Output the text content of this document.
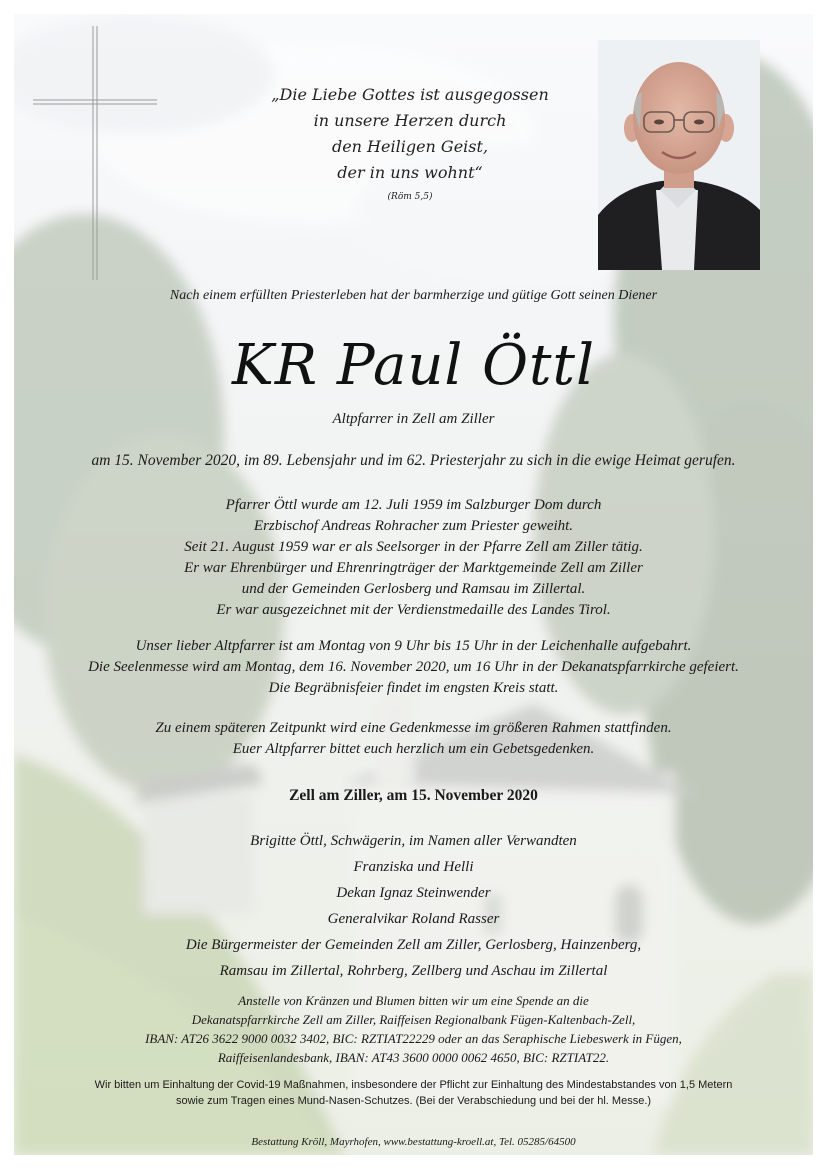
„Die Liebe Gottes ist ausgegossen
in unsere Herzen durch
den Heiligen Geist,
der in uns wohnt“
(Röm 5,5)
Nach einem erfüllten Priesterleben hat der barmherzige und gütige Gott seinen Diener
KR Paul Öttl
Altpfarrer in Zell am Ziller
am 15. November 2020, im 89. Lebensjahr und im 62. Priesterjahr zu sich in die ewige Heimat gerufen.
Pfarrer Öttl wurde am 12. Juli 1959 im Salzburger Dom durch
Erzbischof Andreas Rohracher zum Priester geweiht.
Seit 21. August 1959 war er als Seelsorger in der Pfarre Zell am Ziller tätig.
Er war Ehrenbürger und Ehrenringträger der Marktgemeinde Zell am Ziller
und der Gemeinden Gerlosberg und Ramsau im Zillertal.
Er war ausgezeichnet mit der Verdienstmedaille des Landes Tirol.
Unser lieber Altpfarrer ist am Montag von 9 Uhr bis 15 Uhr in der Leichenhalle aufgebahrt.
Die Seelenmesse wird am Montag, dem 16. November 2020, um 16 Uhr in der Dekanatspfarrkirche gefeiert.
Die Begräbnisfeier findet im engsten Kreis statt.
Zu einem späteren Zeitpunkt wird eine Gedenkmesse im größeren Rahmen stattfinden.
Euer Altpfarrer bittet euch herzlich um ein Gebetsgedenken.
Zell am Ziller, am 15. November 2020
Brigitte Öttl, Schwägerin, im Namen aller Verwandten
Franziska und Helli
Dekan Ignaz Steinwender
Generalvikar Roland Rasser
Die Bürgermeister der Gemeinden Zell am Ziller, Gerlosberg, Hainzenberg,
Ramsau im Zillertal, Rohrberg, Zellberg und Aschau im Zillertal
Anstelle von Kränzen und Blumen bitten wir um eine Spende an die
Dekanatspfarrkirche Zell am Ziller, Raiffeisen Regionalbank Fügen-Kaltenbach-Zell,
IBAN: AT26 3622 9000 0032 3402, BIC: RZTIAT22229 oder an das Seraphische Liebeswerk in Fügen,
Raiffeisenlandesbank, IBAN: AT43 3600 0000 0062 4650, BIC: RZTIAT22.
Wir bitten um Einhaltung der Covid-19 Maßnahmen, insbesondere der Pflicht zur Einhaltung des Mindestabstandes von 1,5 Metern
sowie zum Tragen eines Mund-Nasen-Schutzes. (Bei der Verabschiedung und bei der hl. Messe.)
Bestattung Kröll, Mayrhofen, www.bestattung-kroell.at, Tel. 05285/64500
